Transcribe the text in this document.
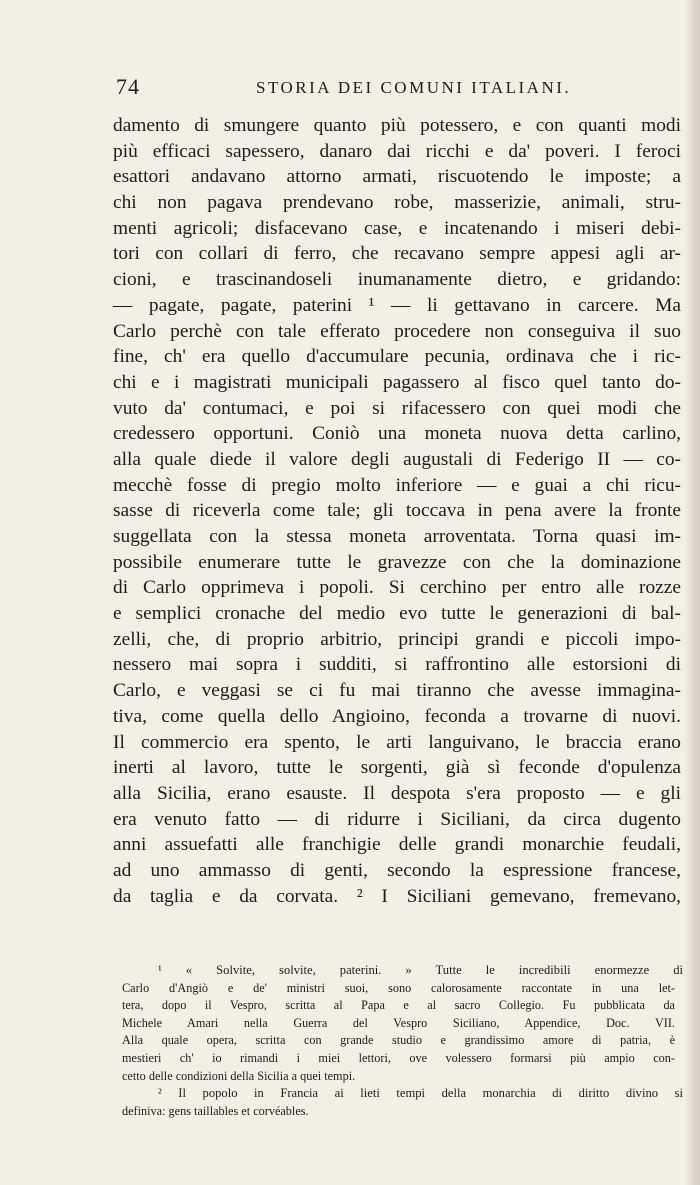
74	STORIA DEI COMUNI ITALIANI.
damento di smungere quanto più potessero, e con quanti modi
più efficaci sapessero, danaro dai ricchi e da' poveri. I feroci
esattori andavano attorno armati, riscuotendo le imposte; a
chi non pagava prendevano robe, masserizie, animali, stru-
menti agricoli; disfacevano case, e incatenando i miseri debi-
tori con collari di ferro, che recavano sempre appesi agli ar-
cioni, e trascinandoseli inumanamente dietro, e gridando:
— pagate, pagate, paterini ¹ — li gettavano in carcere. Ma
Carlo perchè con tale efferato procedere non conseguiva il suo
fine, ch' era quello d'accumulare pecunia, ordinava che i ric-
chi e i magistrati municipali pagassero al fisco quel tanto do-
vuto da' contumaci, e poi si rifacessero con quei modi che
credessero opportuni. Coniò una moneta nuova detta carlino,
alla quale diede il valore degli augustali di Federigo II — co-
mecchè fosse di pregio molto inferiore — e guai a chi ricu-
sasse di riceverla come tale; gli toccava in pena avere la fronte
suggellata con la stessa moneta arroventata. Torna quasi im-
possibile enumerare tutte le gravezze con che la dominazione
di Carlo opprimeva i popoli. Si cerchino per entro alle rozze
e semplici cronache del medio evo tutte le generazioni di bal-
zelli, che, di proprio arbitrio, principi grandi e piccoli impo-
nessero mai sopra i sudditi, si raffrontino alle estorsioni di
Carlo, e veggasi se ci fu mai tiranno che avesse immagina-
tiva, come quella dello Angioino, feconda a trovarne di nuovi.
Il commercio era spento, le arti languivano, le braccia erano
inerti al lavoro, tutte le sorgenti, già sì feconde d'opulenza
alla Sicilia, erano esauste. Il despota s'era proposto — e gli
era venuto fatto — di ridurre i Siciliani, da circa dugento
anni assuefatti alle franchigie delle grandi monarchie feudali,
ad uno ammasso di genti, secondo la espressione francese,
da taglia e da corvata. ² I Siciliani gemevano, fremevano,
¹ « Solvite, solvite, paterini. » Tutte le incredibili enormezze di
Carlo d'Angiò e de' ministri suoi, sono calorosamente raccontate in una let-
tera, dopo il Vespro, scritta al Papa e al sacro Collegio. Fu pubblicata da
Michele Amari nella Guerra del Vespro Siciliano, Appendice, Doc. VII.
Alla quale opera, scritta con grande studio e grandissimo amore di patria, è
mestieri ch' io rimandi i miei lettori, ove volessero formarsi più ampio con-
cetto delle condizioni della Sicilia a quei tempi.
² Il popolo in Francia ai lieti tempi della monarchia di diritto divino si
definiva: gens taillables et corvéables.
